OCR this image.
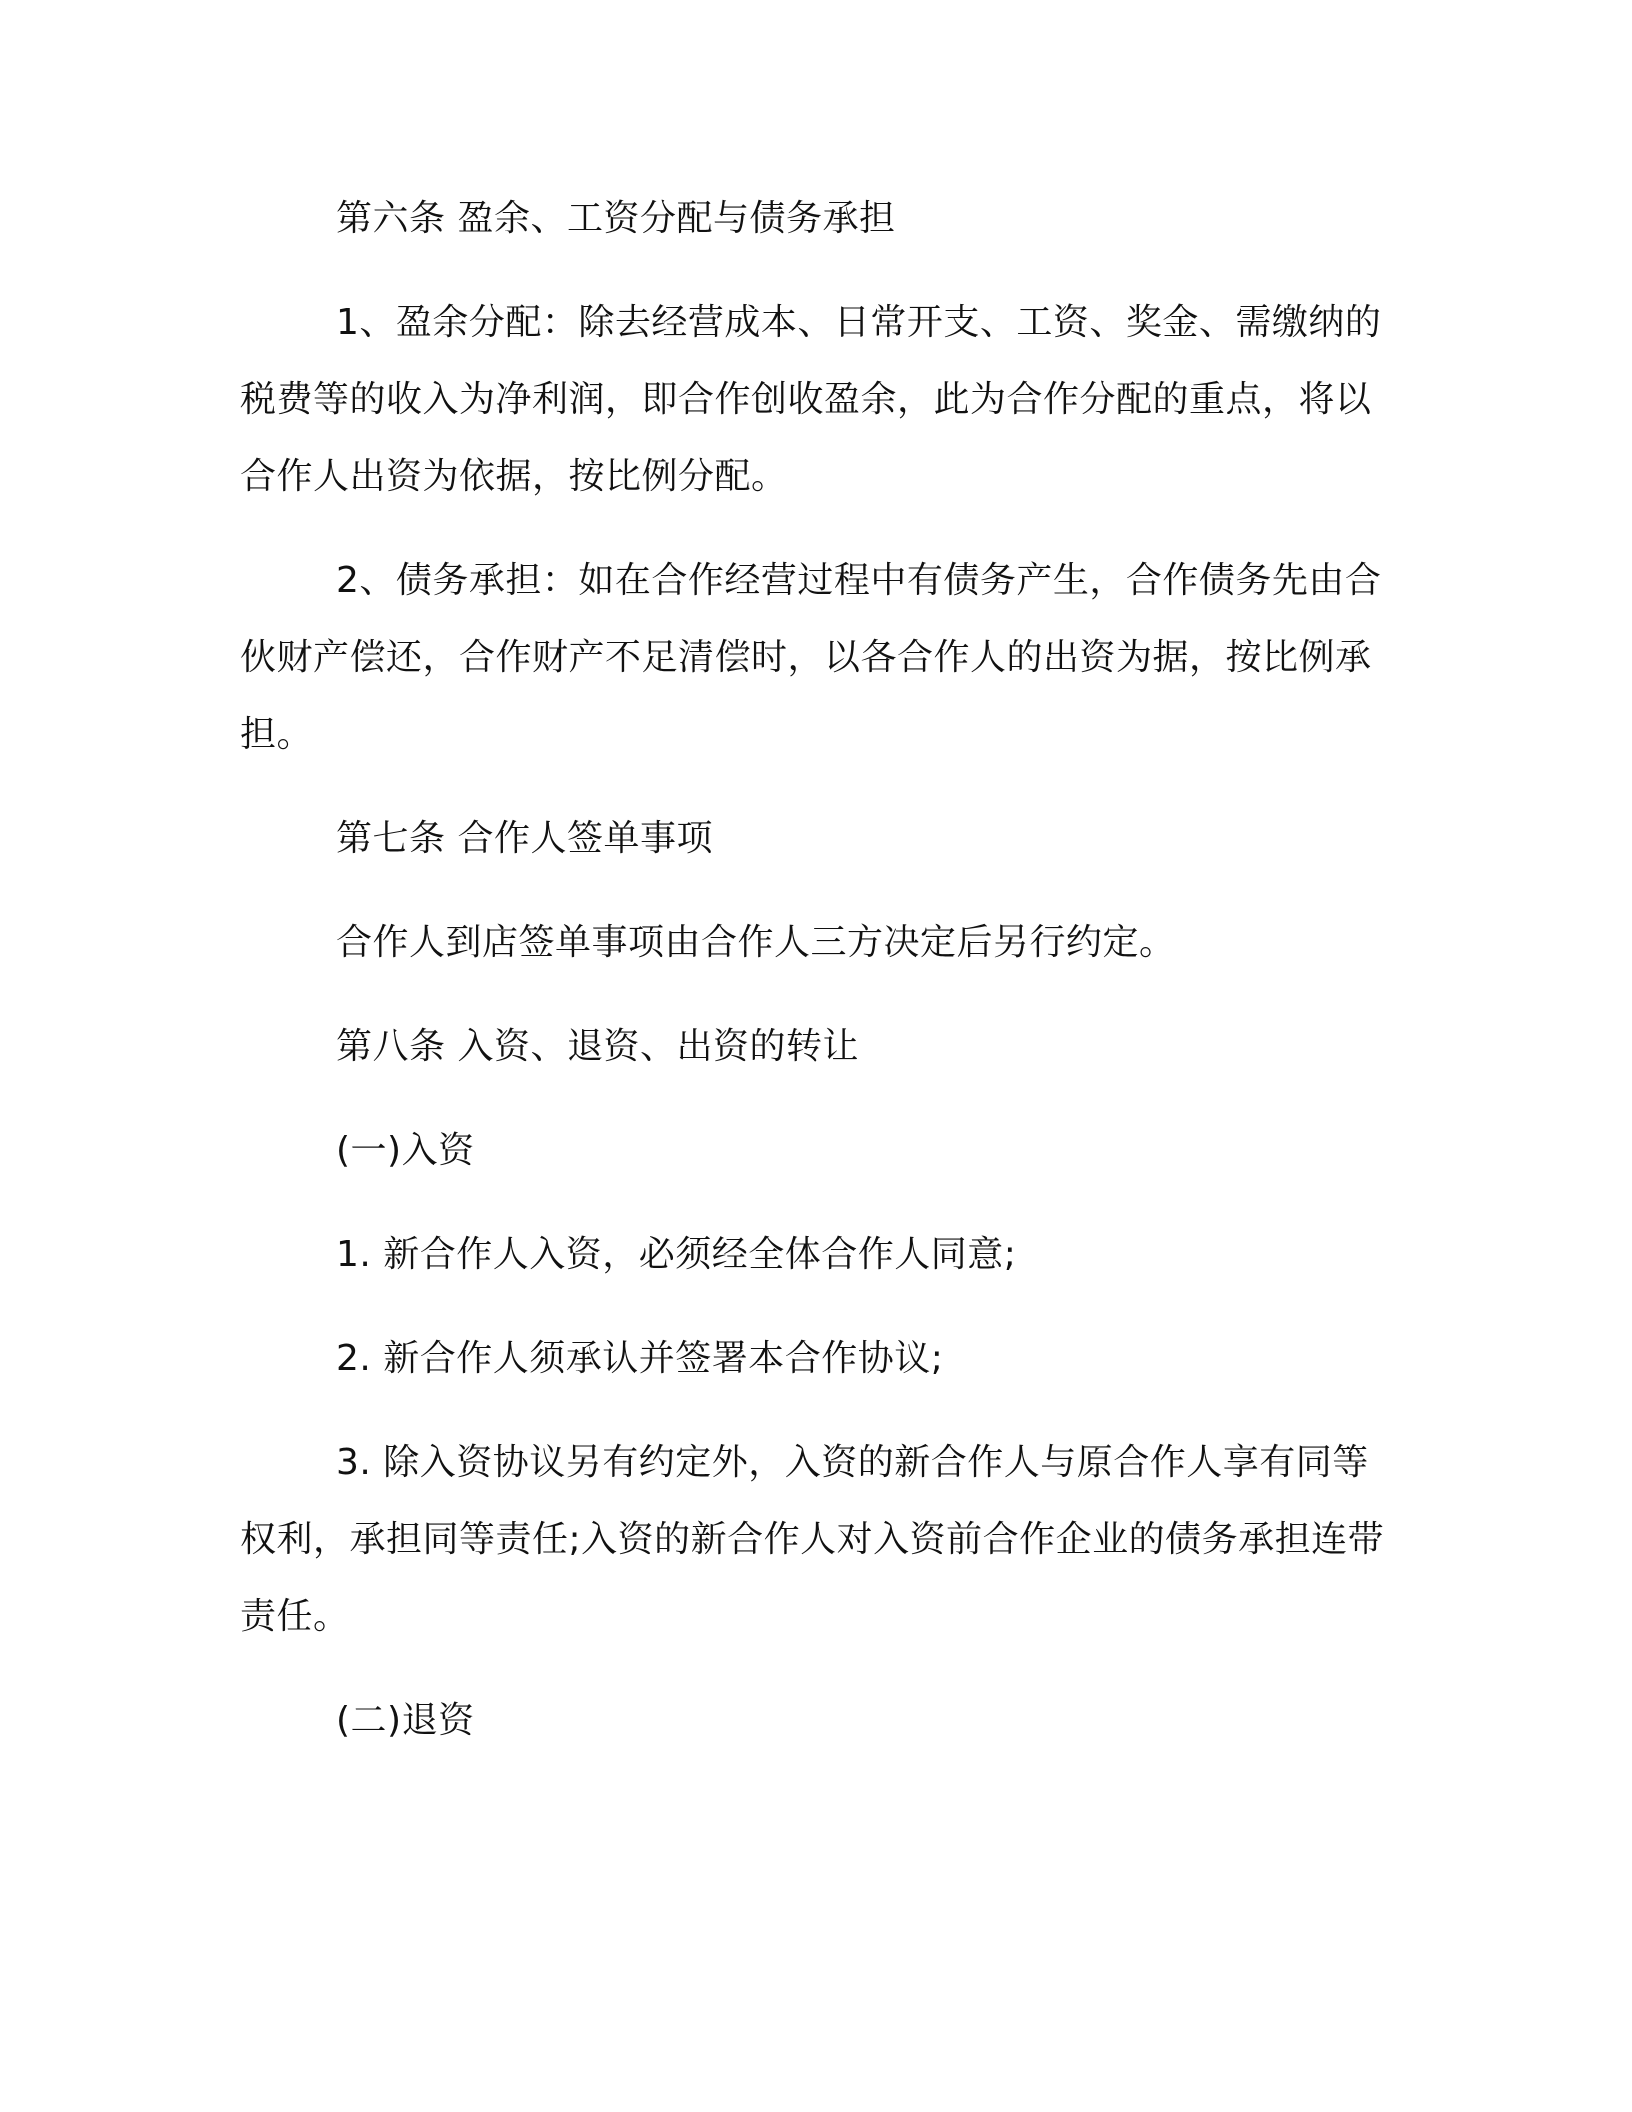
第六条 盈余、工资分配与债务承担

1、盈余分配：除去经营成本、日常开支、工资、奖金、需缴纳的税费等的收入为净利润，即合作创收盈余，此为合作分配的重点，将以合作人出资为依据，按比例分配。

2、债务承担：如在合作经营过程中有债务产生，合作债务先由合伙财产偿还，合作财产不足清偿时，以各合作人的出资为据，按比例承担。

第七条 合作人签单事项

合作人到店签单事项由合作人三方决定后另行约定。

第八条 入资、退资、出资的转让

(一)入资

1. 新合作人入资，必须经全体合作人同意;

2. 新合作人须承认并签署本合作协议;

3. 除入资协议另有约定外，入资的新合作人与原合作人享有同等权利，承担同等责任;入资的新合作人对入资前合作企业的债务承担连带责任。

(二)退资
